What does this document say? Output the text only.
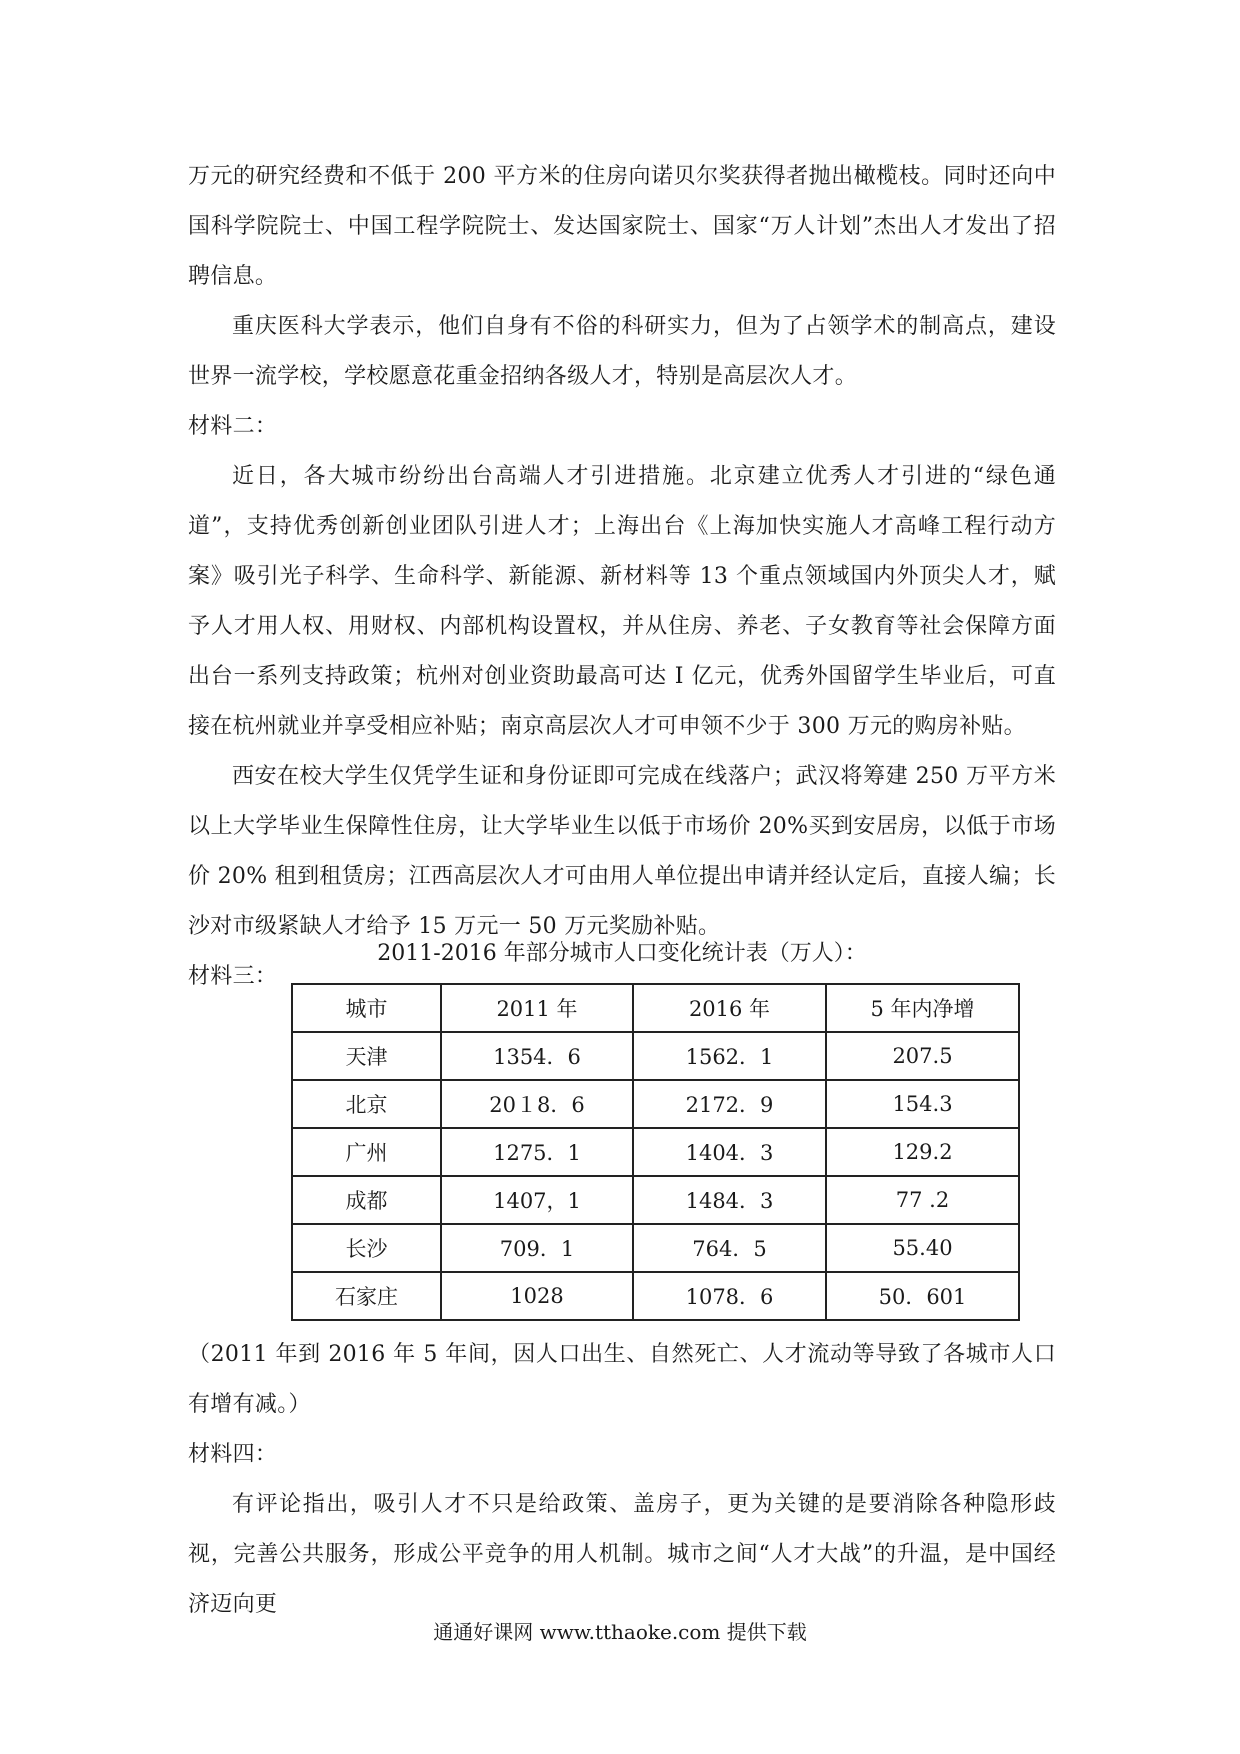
万元的研究经费和不低于 200 平方米的住房向诺贝尔奖获得者抛出橄榄枝。同时还向中国科学院院士、中国工程学院院士、发达国家院士、国家“万人计划”杰出人才发出了招聘信息。

重庆医科大学表示，他们自身有不俗的科研实力，但为了占领学术的制高点，建设世界一流学校，学校愿意花重金招纳各级人才，特别是高层次人才。

材料二：

近日，各大城市纷纷出台高端人才引进措施。北京建立优秀人才引进的“绿色通道”，支持优秀创新创业团队引进人才；上海出台《上海加快实施人才高峰工程行动方案》吸引光子科学、生命科学、新能源、新材料等 13 个重点领域国内外顶尖人才，赋予人才用人权、用财权、内部机构设置权，并从住房、养老、子女教育等社会保障方面出台一系列支持政策；杭州对创业资助最高可达 I 亿元，优秀外国留学生毕业后，可直接在杭州就业并享受相应补贴；南京高层次人才可申领不少于 300 万元的购房补贴。

西安在校大学生仅凭学生证和身份证即可完成在线落户；武汉将筹建 250 万平方米以上大学毕业生保障性住房，让大学毕业生以低于市场价 20%买到安居房，以低于市场价 20% 租到租赁房；江西高层次人才可由用人单位提出申请并经认定后，直接人编；长沙对市级紧缺人才给予 15 万元一 50 万元奖励补贴。

材料三：

2011-2016 年部分城市人口变化统计表（万人）：
城市	2011 年	2016 年	5 年内净增
天津	1354．6	1562．1	207.5
北京	20１8．6	2172．9	154.3
广州	1275．1	1404．3	129.2
成都	1407，1	1484．3	77 .2
长沙	709．1	764．5	55.40
石家庄	1028	1078．6	50．601

（2011 年到 2016 年 5 年间，因人口出生、自然死亡、人才流动等导致了各城市人口有增有减。）

材料四：

有评论指出，吸引人才不只是给政策、盖房子，更为关键的是要消除各种隐形歧视，完善公共服务，形成公平竞争的用人机制。城市之间“人才大战”的升温，是中国经济迈向更

通通好课网 www.tthaoke.com 提供下载
